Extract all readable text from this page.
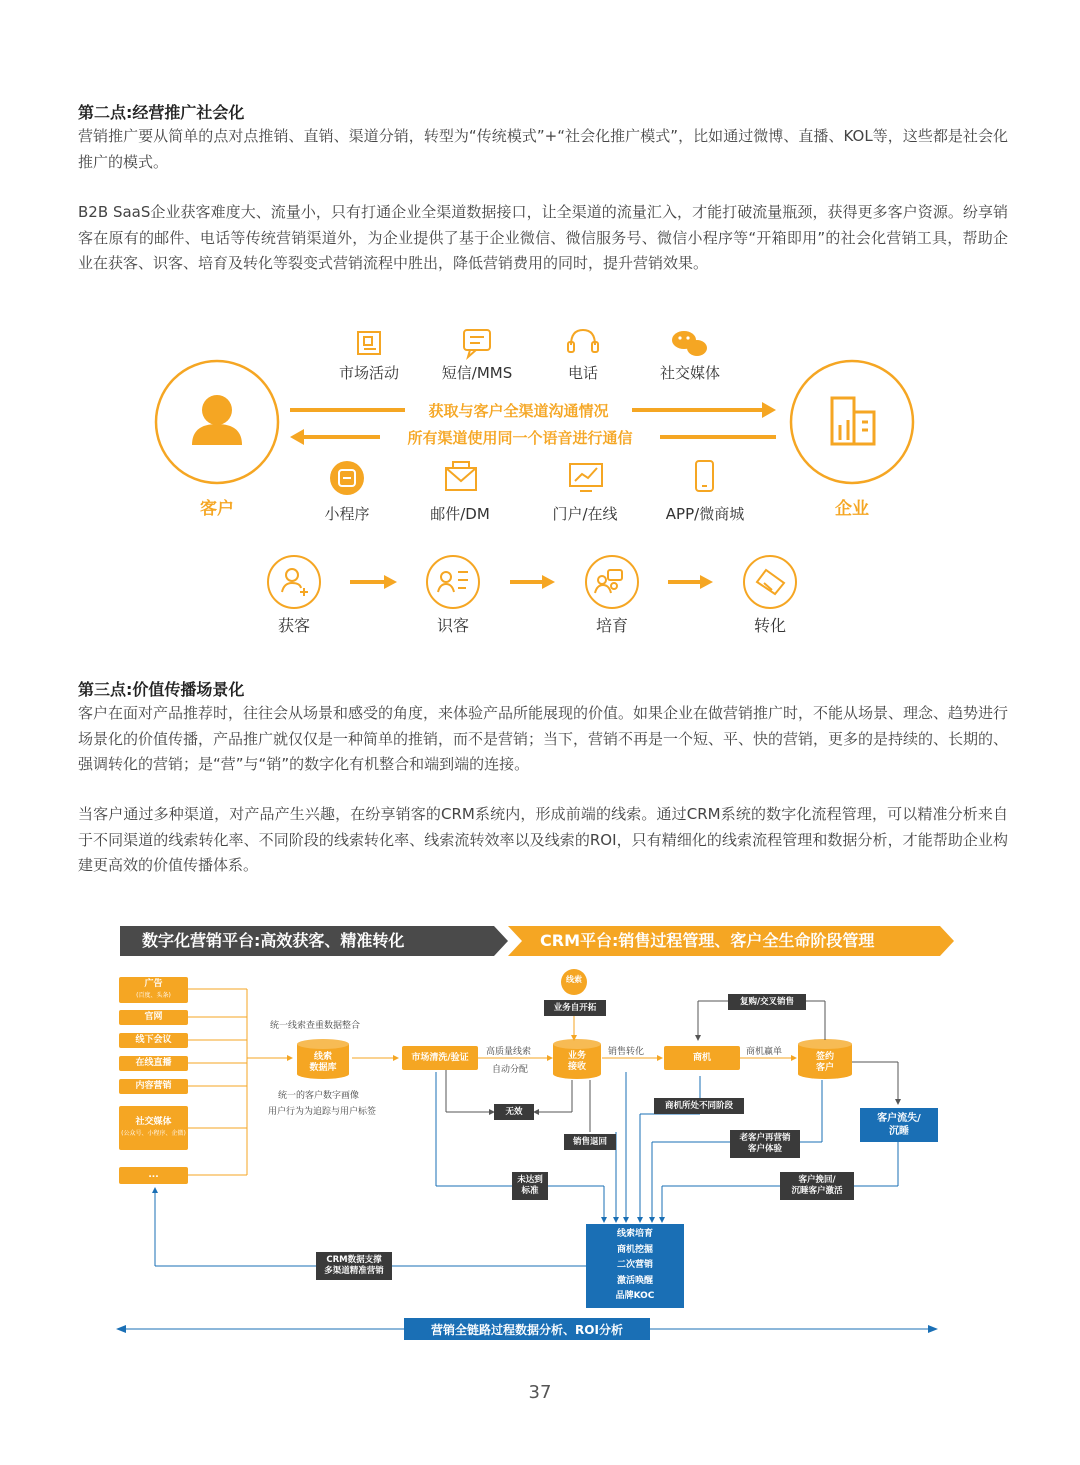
第二点:经营推广社会化
营销推广要从简单的点对点推销、直销、渠道分销，转型为“传统模式”+“社会化推广模式”，比如通过微博、直播、KOL等，这些都是社会化推广的模式。
B2B SaaS企业获客难度大、流量小，只有打通企业全渠道数据接口，让全渠道的流量汇入，才能打破流量瓶颈，获得更多客户资源。纷享销客在原有的邮件、电话等传统营销渠道外，为企业提供了基于企业微信、微信服务号、微信小程序等“开箱即用”的社会化营销工具，帮助企业在获客、识客、培育及转化等裂变式营销流程中胜出，降低营销费用的同时，提升营销效果。
客户	企业
获取与客户全渠道沟通情况
所有渠道使用同一个语音进行通信
市场活动	短信/MMS	电话	社交媒体
小程序	邮件/DM	门户/在线	APP/微商城
获客	识客	培育	转化
第三点:价值传播场景化
客户在面对产品推荐时，往往会从场景和感受的角度，来体验产品所能展现的价值。如果企业在做营销推广时，不能从场景、理念、趋势进行场景化的价值传播，产品推广就仅仅是一种简单的推销，而不是营销；当下，营销不再是一个短、平、快的营销，更多的是持续的、长期的、强调转化的营销；是“营”与“销”的数字化有机整合和端到端的连接。
当客户通过多种渠道，对产品产生兴趣，在纷享销客的CRM系统内，形成前端的线索。通过CRM系统的数字化流程管理，可以精准分析来自于不同渠道的线索转化率、不同阶段的线索转化率、线索流转效率以及线索的ROI，只有精细化的线索流程管理和数据分析，才能帮助企业构建更高效的价值传播体系。
数字化营销平台:高效获客、精准转化	CRM平台:销售过程管理、客户全生命阶段管理
广告
(百度、头条)
官网
线下会议
在线直播
内容营销
社交媒体
(公众号、小程序、企微)
...
统一线索查重数据整合
线索
数据库
统一的客户数字画像
用户行为为追踪与用户标签
市场清洗/验证
高质量线索
自动分配
线索
业务自开拓
业务
接收
销售转化
商机
商机赢单
复购/交叉销售
签约
客户
无效
销售退回
商机所处不同阶段
老客户再营销
客户体验
客户流失/
沉睡
未达到
标准
客户挽回/
沉睡客户激活
线索培育
商机挖掘
二次营销
激活唤醒
品牌KOC
CRM数据支撑
多渠道精准营销
营销全链路过程数据分析、ROI分析
37
